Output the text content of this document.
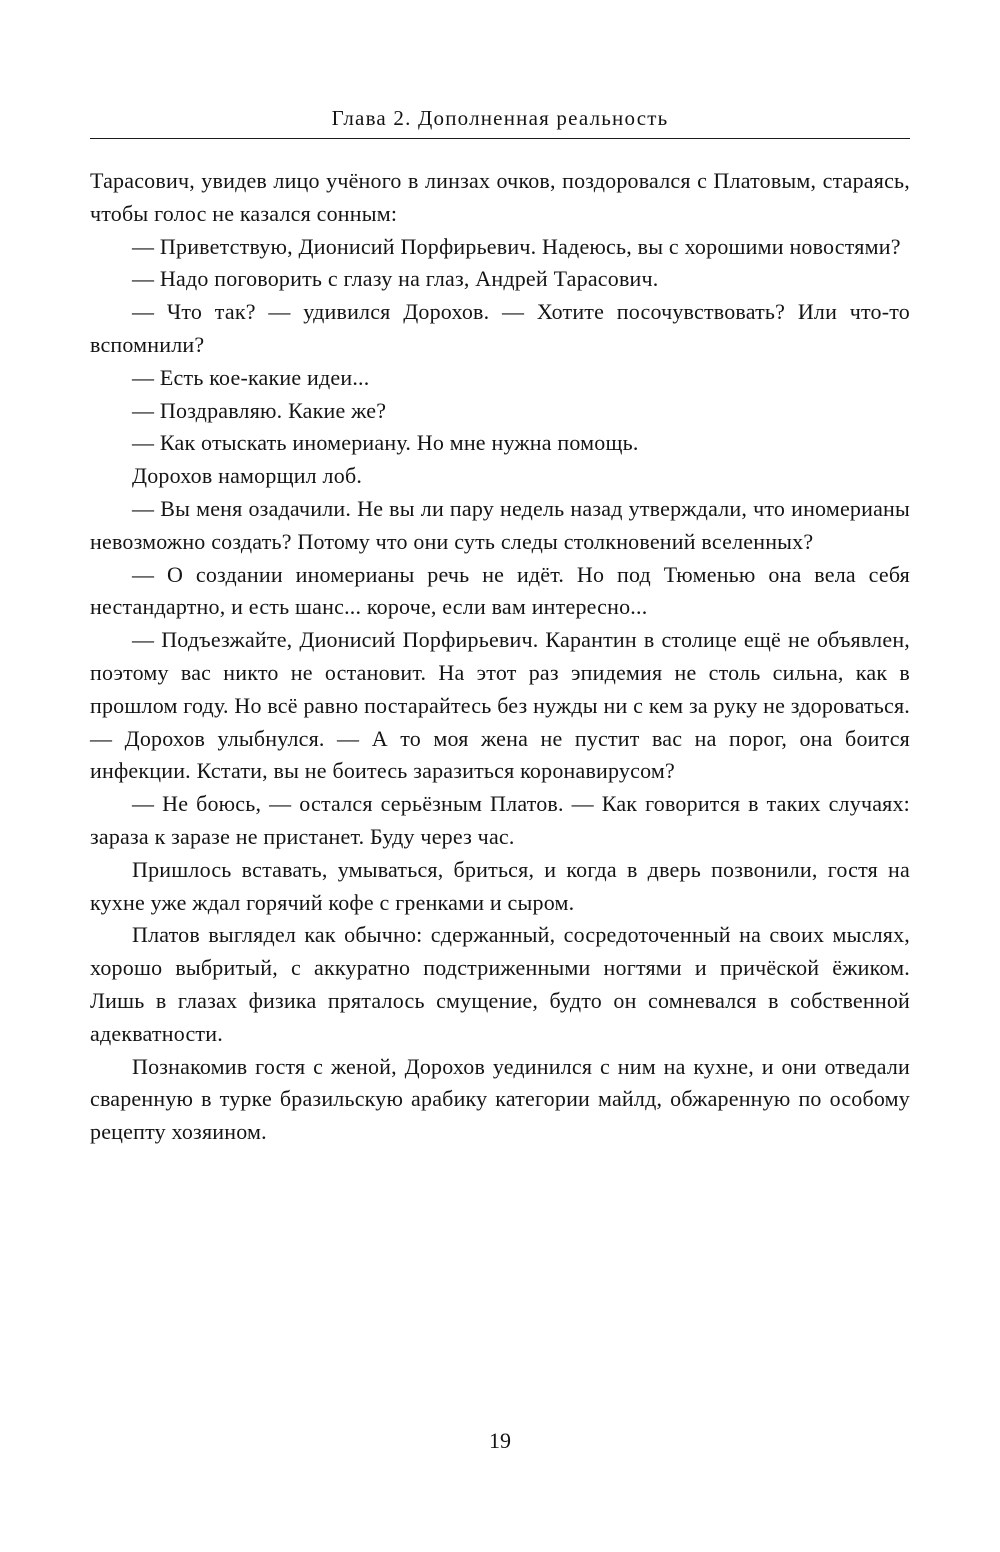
Глава 2. Дополненная реальность

Тарасович, увидев лицо учёного в линзах очков, поздоровался с Платовым, стараясь, чтобы голос не казался сонным:

— Приветствую, Дионисий Порфирьевич. Надеюсь, вы с хорошими новостями?

— Надо поговорить с глазу на глаз, Андрей Тарасович.

— Что так? — удивился Дорохов. — Хотите посочувствовать? Или что-то вспомнили?

— Есть кое-какие идеи...

— Поздравляю. Какие же?

— Как отыскать иномериану. Но мне нужна помощь.

Дорохов наморщил лоб.

— Вы меня озадачили. Не вы ли пару недель назад утверждали, что иномерианы невозможно создать? Потому что они суть следы столкновений вселенных?

— О создании иномерианы речь не идёт. Но под Тюменью она вела себя нестандартно, и есть шанс... короче, если вам интересно...

— Подъезжайте, Дионисий Порфирьевич. Карантин в столице ещё не объявлен, поэтому вас никто не остановит. На этот раз эпидемия не столь сильна, как в прошлом году. Но всё равно постарайтесь без нужды ни с кем за руку не здороваться. — Дорохов улыбнулся. — А то моя жена не пустит вас на порог, она боится инфекции. Кстати, вы не боитесь заразиться коронавирусом?

— Не боюсь, — остался серьёзным Платов. — Как говорится в таких случаях: зараза к заразе не пристанет. Буду через час.

Пришлось вставать, умываться, бриться, и когда в дверь позвонили, гостя на кухне уже ждал горячий кофе с гренками и сыром.

Платов выглядел как обычно: сдержанный, сосредоточенный на своих мыслях, хорошо выбритый, с аккуратно подстриженными ногтями и причёской ёжиком. Лишь в глазах физика пряталось смущение, будто он сомневался в собственной адекватности.

Познакомив гостя с женой, Дорохов уединился с ним на кухне, и они отведали сваренную в турке бразильскую арабику категории майлд, обжаренную по особому рецепту хозяином.

19
